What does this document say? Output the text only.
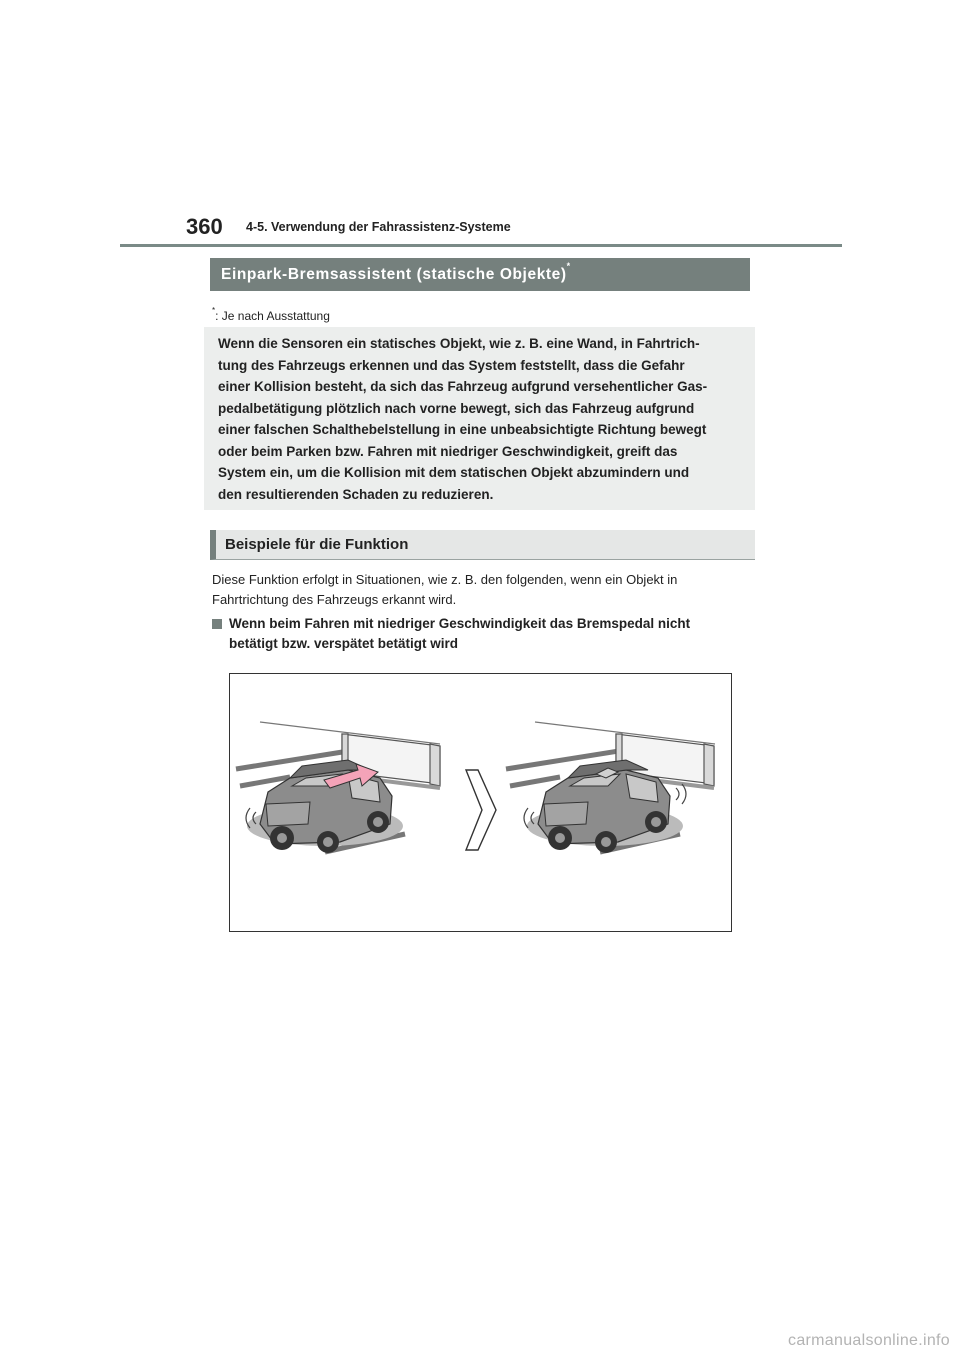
360 4-5. Verwendung der Fahrassistenz-Systeme
Einpark-Bremsassistent (statische Objekte)*
*: Je nach Ausstattung
Wenn die Sensoren ein statisches Objekt, wie z. B. eine Wand, in Fahrtrich-
tung des Fahrzeugs erkennen und das System feststellt, dass die Gefahr
einer Kollision besteht, da sich das Fahrzeug aufgrund versehentlicher Gas-
pedalbetätigung plötzlich nach vorne bewegt, sich das Fahrzeug aufgrund
einer falschen Schalthebelstellung in eine unbeabsichtigte Richtung bewegt
oder beim Parken bzw. Fahren mit niedriger Geschwindigkeit, greift das
System ein, um die Kollision mit dem statischen Objekt abzumindern und
den resultierenden Schaden zu reduzieren.
Beispiele für die Funktion
Diese Funktion erfolgt in Situationen, wie z. B. den folgenden, wenn ein Objekt in
Fahrtrichtung des Fahrzeugs erkannt wird.
Wenn beim Fahren mit niedriger Geschwindigkeit das Bremspedal nicht
betätigt bzw. verspätet betätigt wird
carmanualsonline.info
